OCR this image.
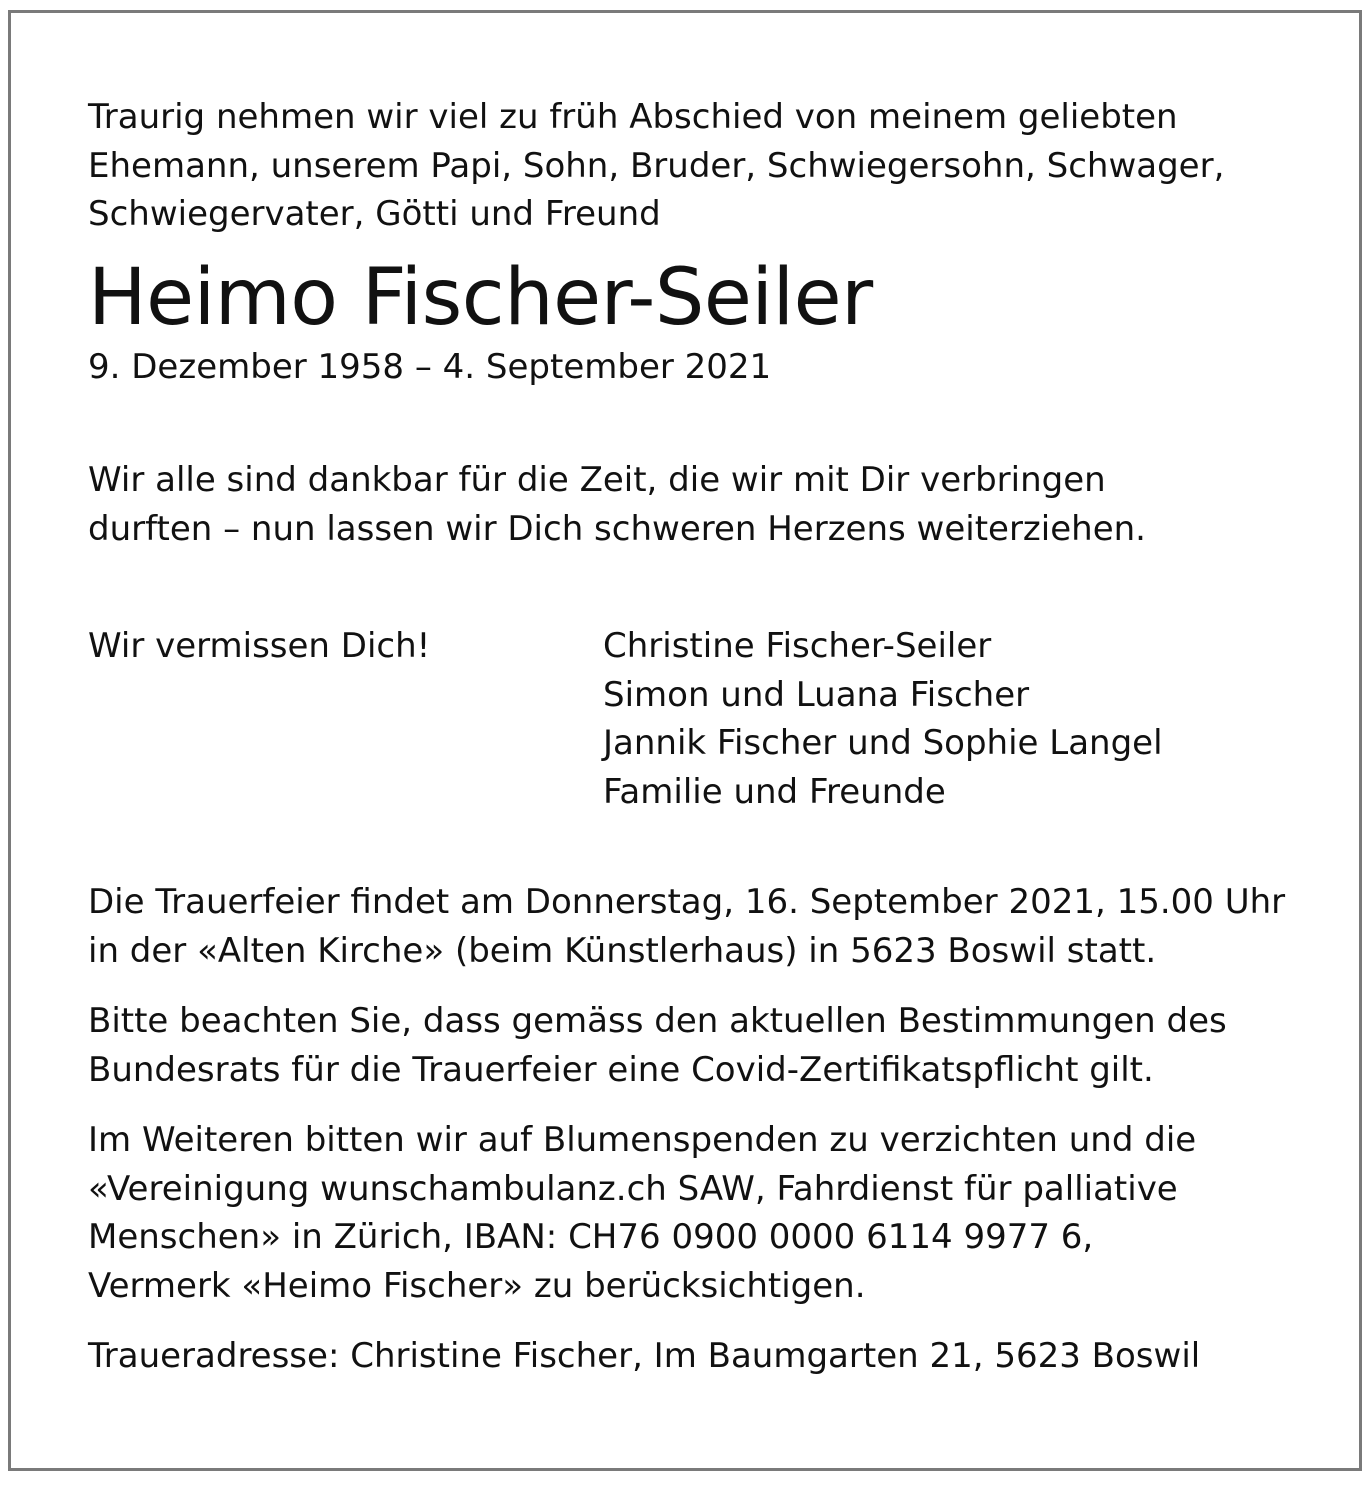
Traurig nehmen wir viel zu früh Abschied von meinem geliebten
Ehemann, unserem Papi, Sohn, Bruder, Schwiegersohn, Schwager,
Schwiegervater, Götti und Freund

Heimo Fischer-Seiler

9. Dezember 1958 – 4. September 2021

Wir alle sind dankbar für die Zeit, die wir mit Dir verbringen
durften – nun lassen wir Dich schweren Herzens weiterziehen.

Wir vermissen Dich!	Christine Fischer-Seiler
Simon und Luana Fischer
Jannik Fischer und Sophie Langel
Familie und Freunde

Die Trauerfeier findet am Donnerstag, 16. September 2021, 15.00 Uhr
in der «Alten Kirche» (beim Künstlerhaus) in 5623 Boswil statt.

Bitte beachten Sie, dass gemäss den aktuellen Bestimmungen des
Bundesrats für die Trauerfeier eine Covid-Zertifikatspflicht gilt.

Im Weiteren bitten wir auf Blumenspenden zu verzichten und die
«Vereinigung wunschambulanz.ch SAW, Fahrdienst für palliative
Menschen» in Zürich, IBAN: CH76 0900 0000 6114 9977 6,
Vermerk «Heimo Fischer» zu berücksichtigen.

Traueradresse: Christine Fischer, Im Baumgarten 21, 5623 Boswil
